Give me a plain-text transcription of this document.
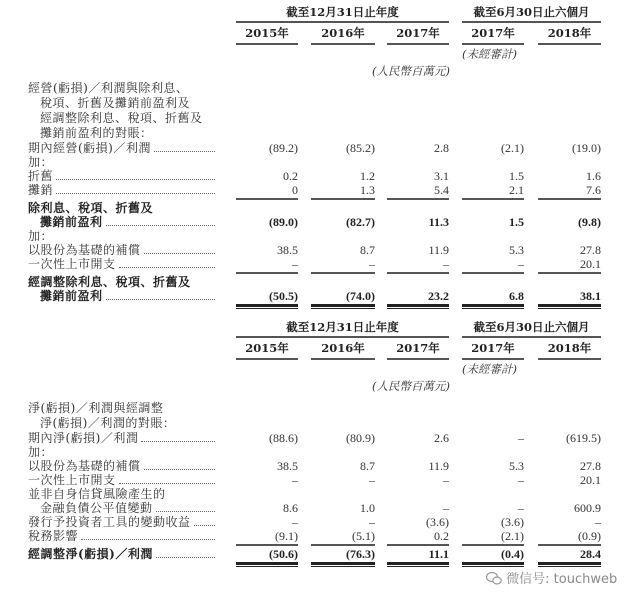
截至12月31日止年度	截至6月30日止六個月
2015年	2016年	2017年	2017年	2018年
(未經審計)
(人民幣百萬元)
經營(虧損)／利潤與除利息、
稅項、折舊及攤銷前盈利及
經調整除利息、稅項、折舊及
攤銷前盈利的對賬：
期內經營(虧損)／利潤	(89.2)	(85.2)	2.8	(2.1)	(19.0)
加：
折舊	0.2	1.2	3.1	1.5	1.6
攤銷	0	1.3	5.4	2.1	7.6
除利息、稅項、折舊及
攤銷前盈利	(89.0)	(82.7)	11.3	1.5	(9.8)
加：
以股份為基礎的補償	38.5	8.7	11.9	5.3	27.8
一次性上市開支	–	–	–	–	20.1
經調整除利息、稅項、折舊及
攤銷前盈利	(50.5)	(74.0)	23.2	6.8	38.1
截至12月31日止年度	截至6月30日止六個月
2015年	2016年	2017年	2017年	2018年
(未經審計)
(人民幣百萬元)
淨(虧損)／利潤與經調整
淨(虧損)／利潤的對賬：
期內淨(虧損)／利潤	(88.6)	(80.9)	2.6	–	(619.5)
加：
以股份為基礎的補償	38.5	8.7	11.9	5.3	27.8
一次性上市開支	–	–	–	–	20.1
並非自身信貸風險產生的
金融負債公平值變動	8.6	1.0	–	–	600.9
發行予投資者工具的變動收益	–	–	(3.6)	(3.6)	–
稅務影響	(9.1)	(5.1)	0.2	(2.1)	(0.9)
經調整淨(虧損)／利潤	(50.6)	(76.3)	11.1	(0.4)	28.4
微信号: touchweb
